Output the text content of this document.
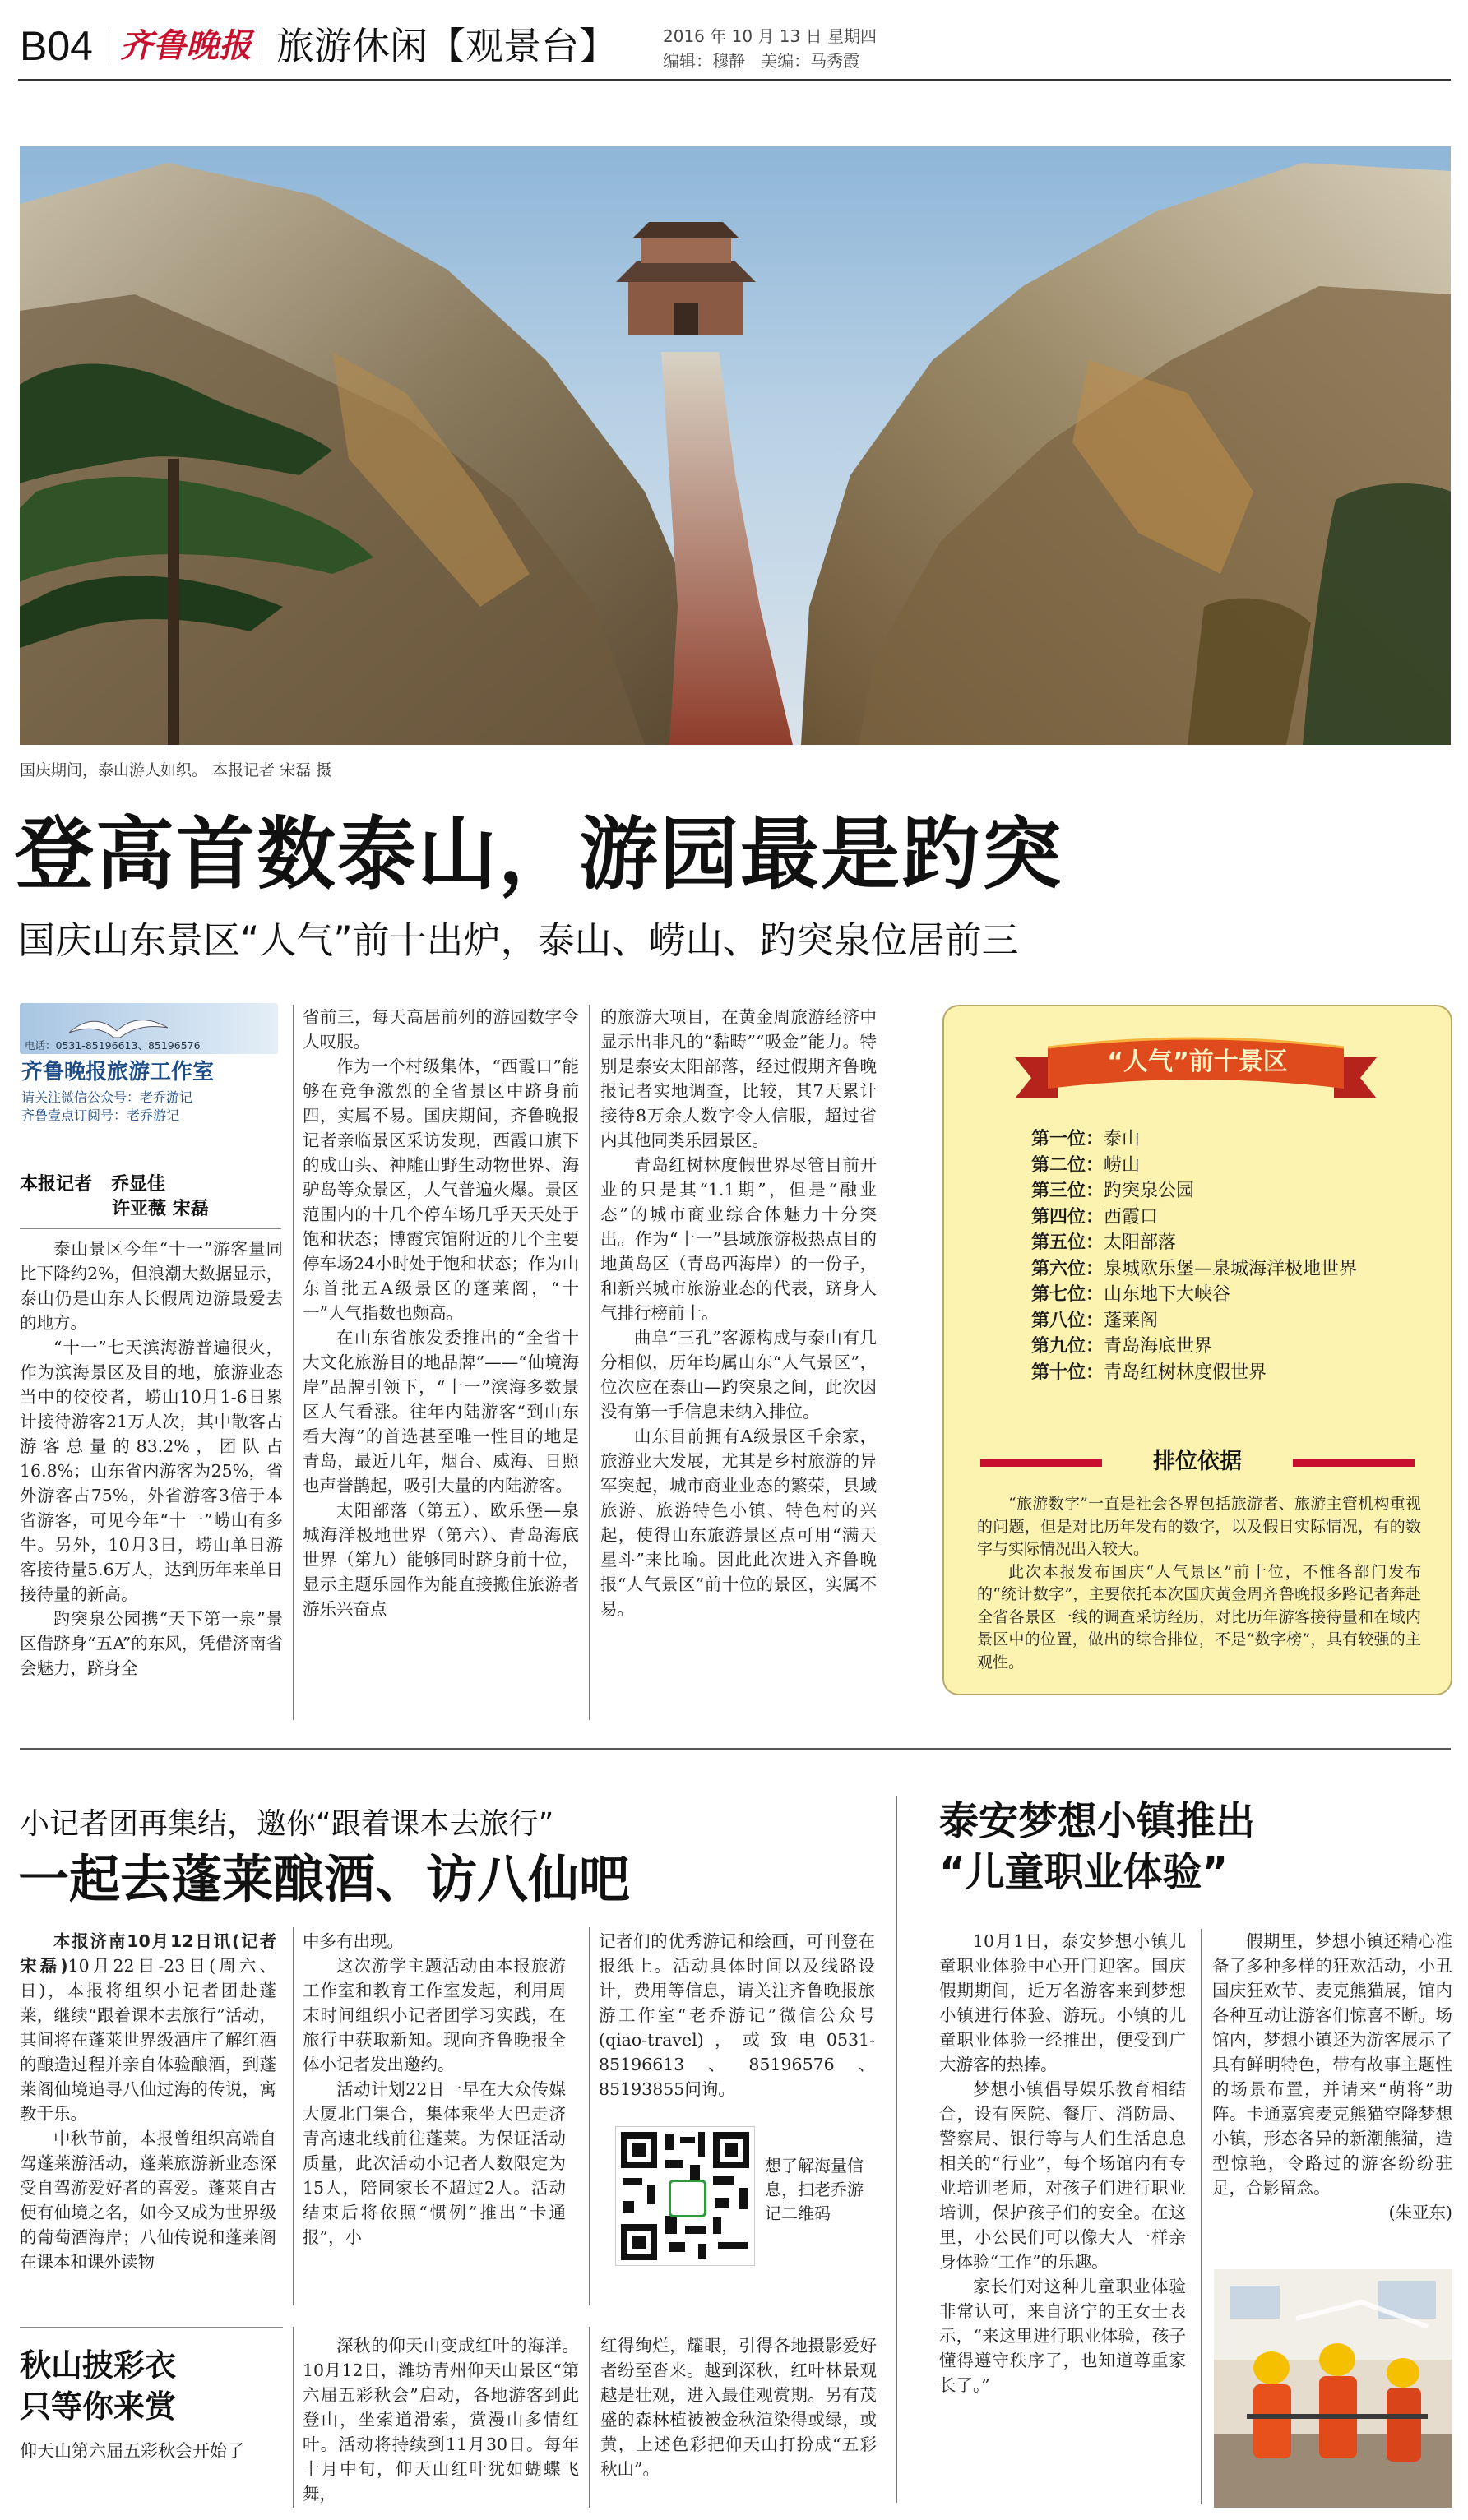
B04 齐鲁晚报 旅游休闲【观景台】	2016 年 10 月 13 日 星期四
编辑：穆静 美编：马秀霞
国庆期间，泰山游人如织。 本报记者 宋磊 摄
登高首数泰山，游园最是趵突
国庆山东景区“人气”前十出炉，泰山、崂山、趵突泉位居前三
电话：0531-85196613、85196576
齐鲁晚报旅游工作室
请关注微信公众号：老乔游记
齐鲁壹点订阅号：老乔游记
本报记者 乔显佳
许亚薇 宋磊

泰山景区今年“十一”游客量同比下降约2%，但浪潮大数据显示，泰山仍是山东人长假周边游最爱去的地方。

“十一”七天滨海游普遍很火，作为滨海景区及目的地，旅游业态当中的佼佼者，崂山10月1-6日累计接待游客21万人次，其中散客占游客总量的83.2%，团队占16.8%；山东省内游客为25%，省外游客占75%，外省游客3倍于本省游客，可见今年“十一”崂山有多牛。另外，10月3日，崂山单日游客接待量5.6万人，达到历年来单日接待量的新高。

趵突泉公园携“天下第一泉”景区借跻身“五A”的东风，凭借济南省会魅力，跻身全

省前三，每天高居前列的游园数字令人叹服。

作为一个村级集体，“西霞口”能够在竞争激烈的全省景区中跻身前四，实属不易。国庆期间，齐鲁晚报记者亲临景区采访发现，西霞口旗下的成山头、神雕山野生动物世界、海驴岛等众景区，人气普遍火爆。景区范围内的十几个停车场几乎天天处于饱和状态；博霞宾馆附近的几个主要停车场24小时处于饱和状态；作为山东首批五A级景区的蓬莱阁，“十一”人气指数也颇高。

在山东省旅发委推出的“全省十大文化旅游目的地品牌”——“仙境海岸”品牌引领下，“十一”滨海多数景区人气看涨。往年内陆游客“到山东看大海”的首选甚至唯一性目的地是青岛，最近几年，烟台、威海、日照也声誉鹊起，吸引大量的内陆游客。

太阳部落（第五）、欧乐堡—泉城海洋极地世界（第六）、青岛海底世界（第九）能够同时跻身前十位，显示主题乐园作为能直接搬住旅游者游乐兴奋点

的旅游大项目，在黄金周旅游经济中显示出非凡的“黏畴”“吸金”能力。特别是泰安太阳部落，经过假期齐鲁晚报记者实地调查，比较，其7天累计接待8万余人数字令人信服，超过省内其他同类乐园景区。

青岛红树林度假世界尽管目前开业的只是其“1.1期”，但是“融业态”的城市商业综合体魅力十分突出。作为“十一”县域旅游极热点目的地黄岛区（青岛西海岸）的一份子，和新兴城市旅游业态的代表，跻身人气排行榜前十。

曲阜“三孔”客源构成与泰山有几分相似，历年均属山东“人气景区”，位次应在泰山—趵突泉之间，此次因没有第一手信息未纳入排位。

山东目前拥有A级景区千余家，旅游业大发展，尤其是乡村旅游的异军突起，城市商业业态的繁荣，县域旅游、旅游特色小镇、特色村的兴起，使得山东旅游景区点可用“满天星斗”来比喻。因此此次进入齐鲁晚报“人气景区”前十位的景区，实属不易。

“人气”前十景区
第一位：泰山
第二位：崂山
第三位：趵突泉公园
第四位：西霞口
第五位：太阳部落
第六位：泉城欧乐堡—泉城海洋极地世界
第七位：山东地下大峡谷
第八位：蓬莱阁
第九位：青岛海底世界
第十位：青岛红树林度假世界
排位依据

“旅游数字”一直是社会各界包括旅游者、旅游主管机构重视的问题，但是对比历年发布的数字，以及假日实际情况，有的数字与实际情况出入较大。

此次本报发布国庆“人气景区”前十位，不惟各部门发布的“统计数字”，主要依托本次国庆黄金周齐鲁晚报多路记者奔赴全省各景区一线的调查采访经历，对比历年游客接待量和在域内景区中的位置，做出的综合排位，不是“数字榜”，具有较强的主观性。

小记者团再集结，邀你“跟着课本去旅行”
一起去蓬莱酿酒、访八仙吧

本报济南10月12日讯(记者 宋磊)10月22日-23日(周六、日)，本报将组织小记者团赴蓬莱，继续“跟着课本去旅行”活动，其间将在蓬莱世界级酒庄了解红酒的酿造过程并亲自体验酿酒，到蓬莱阁仙境追寻八仙过海的传说，寓教于乐。

中秋节前，本报曾组织高端自驾蓬莱游活动，蓬莱旅游新业态深受自驾游爱好者的喜爱。蓬莱自古便有仙境之名，如今又成为世界级的葡萄酒海岸；八仙传说和蓬莱阁在课本和课外读物

中多有出现。

这次游学主题活动由本报旅游工作室和教育工作室发起，利用周末时间组织小记者团学习实践，在旅行中获取新知。现向齐鲁晚报全体小记者发出邀约。

活动计划22日一早在大众传媒大厦北门集合，集体乘坐大巴走济青高速北线前往蓬莱。为保证活动质量，此次活动小记者人数限定为15人，陪同家长不超过2人。活动结束后将依照“惯例”推出“卡通报”，小

记者们的优秀游记和绘画，可刊登在报纸上。活动具体时间以及线路设计，费用等信息，请关注齐鲁晚报旅游工作室“老乔游记”微信公众号(qiao-travel)，或致电0531-85196613、85196576、85193855问询。

想了解海量信息，扫老乔游记二维码
泰安梦想小镇推出
“儿童职业体验”

10月1日，泰安梦想小镇儿童职业体验中心开门迎客。国庆假期期间，近万名游客来到梦想小镇进行体验、游玩。小镇的儿童职业体验一经推出，便受到广大游客的热捧。

梦想小镇倡导娱乐教育相结合，设有医院、餐厅、消防局、警察局、银行等与人们生活息息相关的“行业”，每个场馆内有专业培训老师，对孩子们进行职业培训，保护孩子们的安全。在这里，小公民们可以像大人一样亲身体验“工作”的乐趣。

家长们对这种儿童职业体验非常认可，来自济宁的王女士表示，“来这里进行职业体验，孩子懂得遵守秩序了，也知道尊重家长了。”

假期里，梦想小镇还精心准备了多种多样的狂欢活动，小丑国庆狂欢节、麦克熊猫展，馆内各种互动让游客们惊喜不断。场馆内，梦想小镇还为游客展示了具有鲜明特色，带有故事主题性的场景布置，并请来“萌将”助阵。卡通嘉宾麦克熊猫空降梦想小镇，形态各异的新潮熊猫，造型惊艳，令路过的游客纷纷驻足，合影留念。

(朱亚东)
秋山披彩衣
只等你来赏
仰天山第六届五彩秋会开始了

深秋的仰天山变成红叶的海洋。10月12日，潍坊青州仰天山景区“第六届五彩秋会”启动，各地游客到此登山，坐索道滑索，赏漫山多情红叶。活动将持续到11月30日。每年十月中旬，仰天山红叶犹如蝴蝶飞舞，

红得绚烂，耀眼，引得各地摄影爱好者纷至沓来。越到深秋，红叶林景观越是壮观，进入最佳观赏期。另有茂盛的森林植被被金秋渲染得或绿，或黄，上述色彩把仰天山打扮成“五彩秋山”。
